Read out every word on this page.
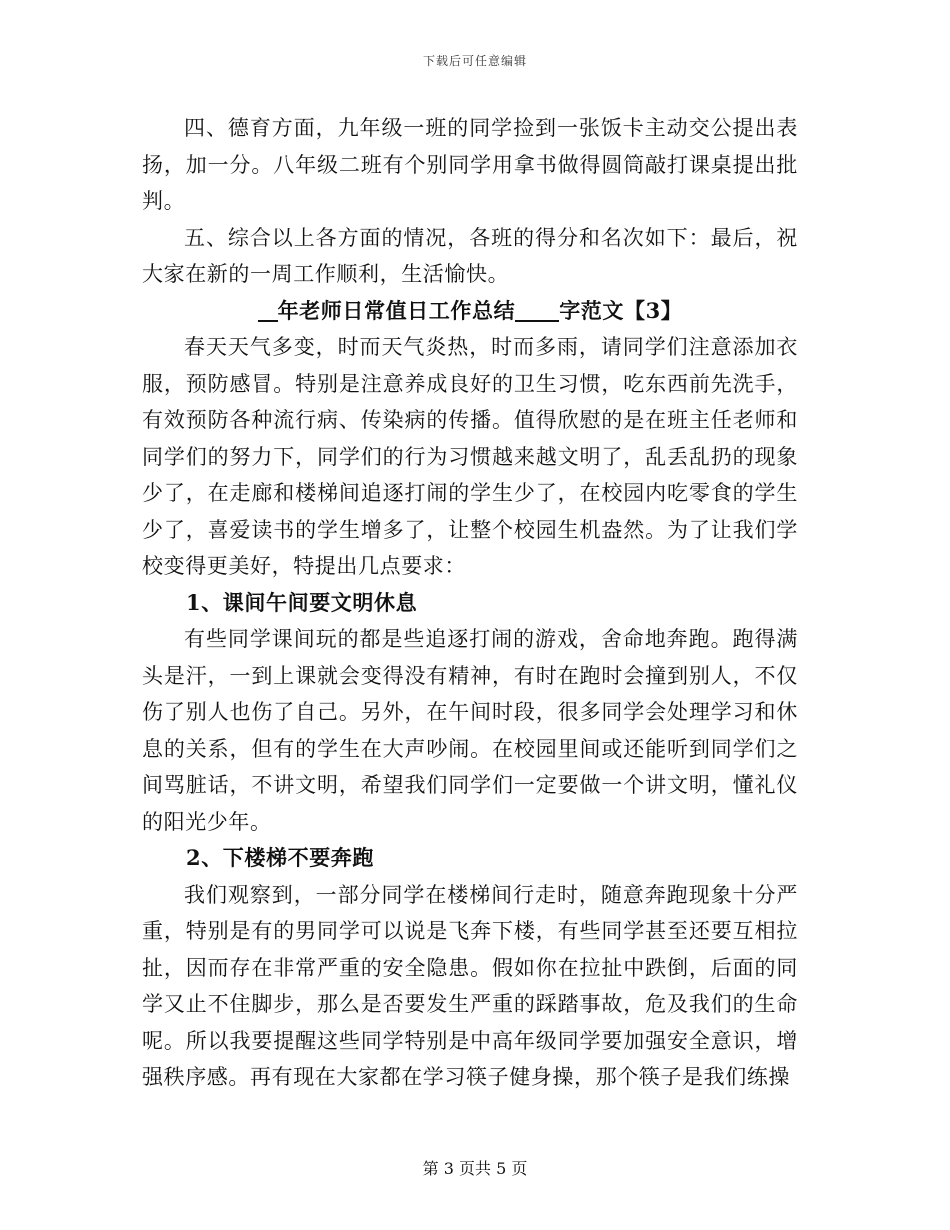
下载后可任意编辑

四、德育方面，九年级一班的同学捡到一张饭卡主动交公提出表扬，加一分。八年级二班有个别同学用拿书做得圆筒敲打课桌提出批判。

五、综合以上各方面的情况，各班的得分和名次如下：最后，祝大家在新的一周工作顺利，生活愉快。

年老师日常值日工作总结 字范文【3】

春天天气多变，时而天气炎热，时而多雨，请同学们注意添加衣服，预防感冒。特别是注意养成良好的卫生习惯，吃东西前先洗手，有效预防各种流行病、传染病的传播。值得欣慰的是在班主任老师和同学们的努力下，同学们的行为习惯越来越文明了，乱丢乱扔的现象少了，在走廊和楼梯间追逐打闹的学生少了，在校园内吃零食的学生少了，喜爱读书的学生增多了，让整个校园生机盎然。为了让我们学校变得更美好，特提出几点要求：

1、课间午间要文明休息

有些同学课间玩的都是些追逐打闹的游戏，舍命地奔跑。跑得满头是汗，一到上课就会变得没有精神，有时在跑时会撞到别人，不仅伤了别人也伤了自己。另外，在午间时段，很多同学会处理学习和休息的关系，但有的学生在大声吵闹。在校园里间或还能听到同学们之间骂脏话，不讲文明，希望我们同学们一定要做一个讲文明，懂礼仪的阳光少年。

2、下楼梯不要奔跑

我们观察到，一部分同学在楼梯间行走时，随意奔跑现象十分严重，特别是有的男同学可以说是飞奔下楼，有些同学甚至还要互相拉扯，因而存在非常严重的安全隐患。假如你在拉扯中跌倒，后面的同学又止不住脚步，那么是否要发生严重的踩踏事故，危及我们的生命呢。所以我要提醒这些同学特别是中高年级同学要加强安全意识，增强秩序感。再有现在大家都在学习筷子健身操，那个筷子是我们练操

第 3 页共 5 页
